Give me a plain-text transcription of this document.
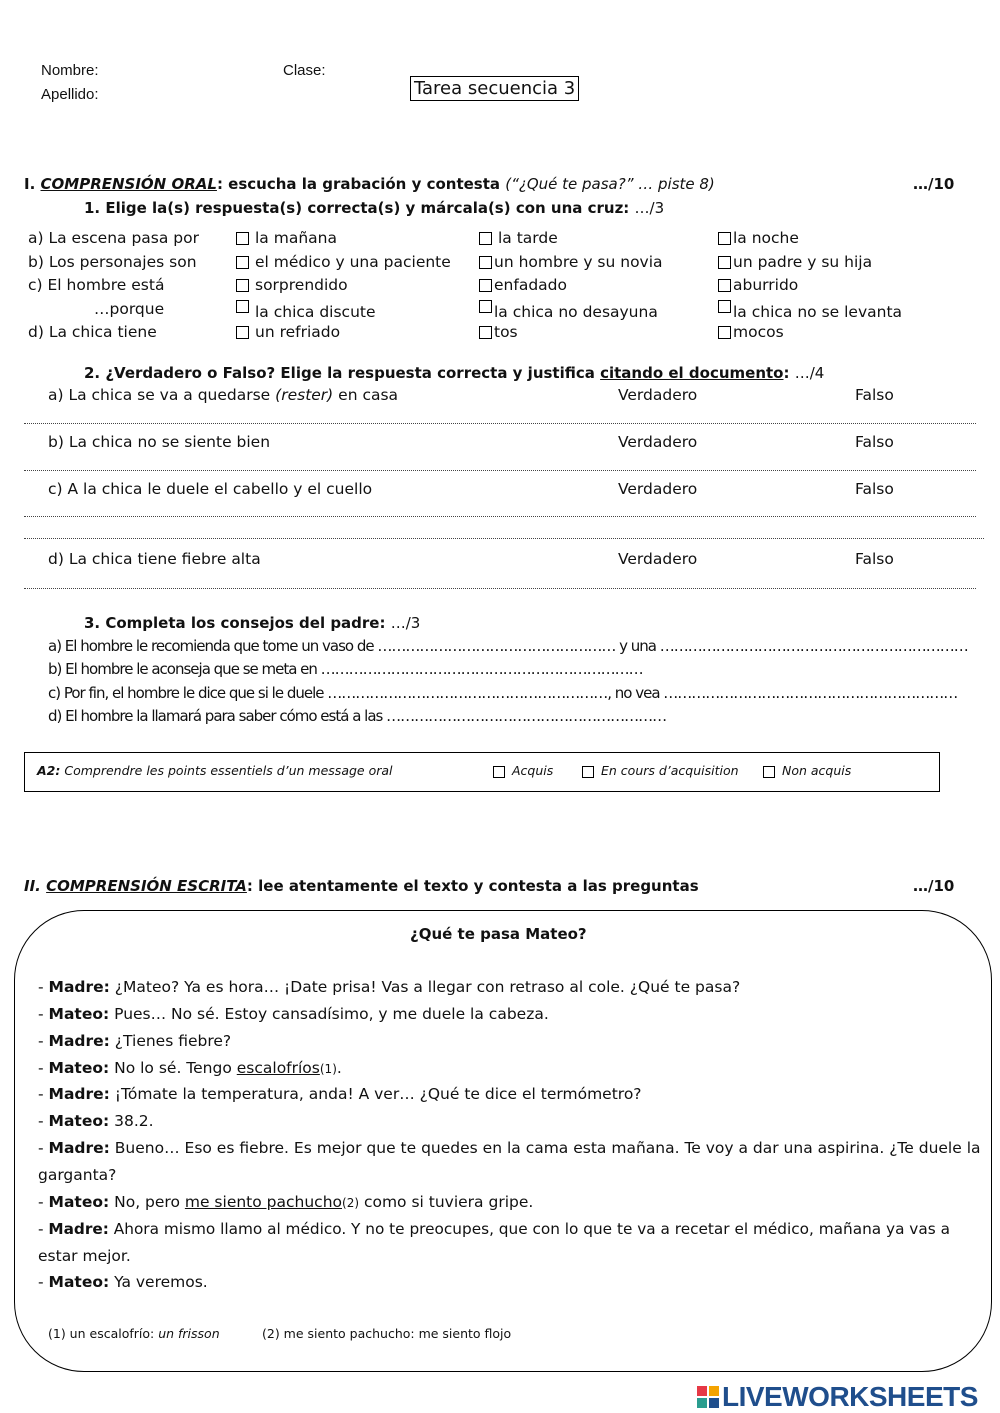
Nombre:
Apellido:
Clase:
Tarea secuencia 3
I. COMPRENSIÓN ORAL: escucha la grabación y contesta (“¿Qué te pasa?” … piste 8)	…/10
1. Elige la(s) respuesta(s) correcta(s) y márcala(s) con una cruz: …/3
a) La escena pasa por	la mañana	la tarde	la noche
b) Los personajes son	el médico y una paciente	un hombre y su novia	un padre y su hija
c) El hombre está	sorprendido	enfadado	aburrido
…porque	la chica discute	la chica no desayuna	la chica no se levanta
d) La chica tiene	un refriado	tos	mocos
2. ¿Verdadero o Falso? Elige la respuesta correcta y justifica citando el documento: …/4
a) La chica se va a quedarse (rester) en casa	Verdadero	Falso
b) La chica no se siente bien	Verdadero	Falso
c) A la chica le duele el cabello y el cuello	Verdadero	Falso
d) La chica tiene fiebre alta	Verdadero	Falso
3. Completa los consejos del padre: …/3
a) El hombre le recomienda que tome un vaso de …………………………………………… y una …………………………………………………………
b) El hombre le aconseja que se meta en ……………………………………………………………
c) Por fin, el hombre le dice que si le duele ……………………………………………………, no vea ………………………………………………………
d) El hombre la llamará para saber cómo está a las ……………………………………………………
A2: Comprendre les points essentiels d’un message oral	Acquis	En cours d’acquisition	Non acquis
II. COMPRENSIÓN ESCRITA: lee atentamente el texto y contesta a las preguntas	…/10
¿Qué te pasa Mateo?
- Madre: ¿Mateo? Ya es hora… ¡Date prisa! Vas a llegar con retraso al cole. ¿Qué te pasa?
- Mateo: Pues… No sé. Estoy cansadísimo, y me duele la cabeza.
- Madre: ¿Tienes fiebre?
- Mateo: No lo sé. Tengo escalofríos(1).
- Madre: ¡Tómate la temperatura, anda! A ver… ¿Qué te dice el termómetro?
- Mateo: 38.2.
- Madre: Bueno… Eso es fiebre. Es mejor que te quedes en la cama esta mañana. Te voy a dar una aspirina. ¿Te duele la
garganta?
- Mateo: No, pero me siento pachucho(2) como si tuviera gripe.
- Madre: Ahora mismo llamo al médico. Y no te preocupes, que con lo que te va a recetar el médico, mañana ya vas a
estar mejor.
- Mateo: Ya veremos.
(1) un escalofrío: un frisson	(2) me siento pachucho: me siento flojo
LIVEWORKSHEETS
